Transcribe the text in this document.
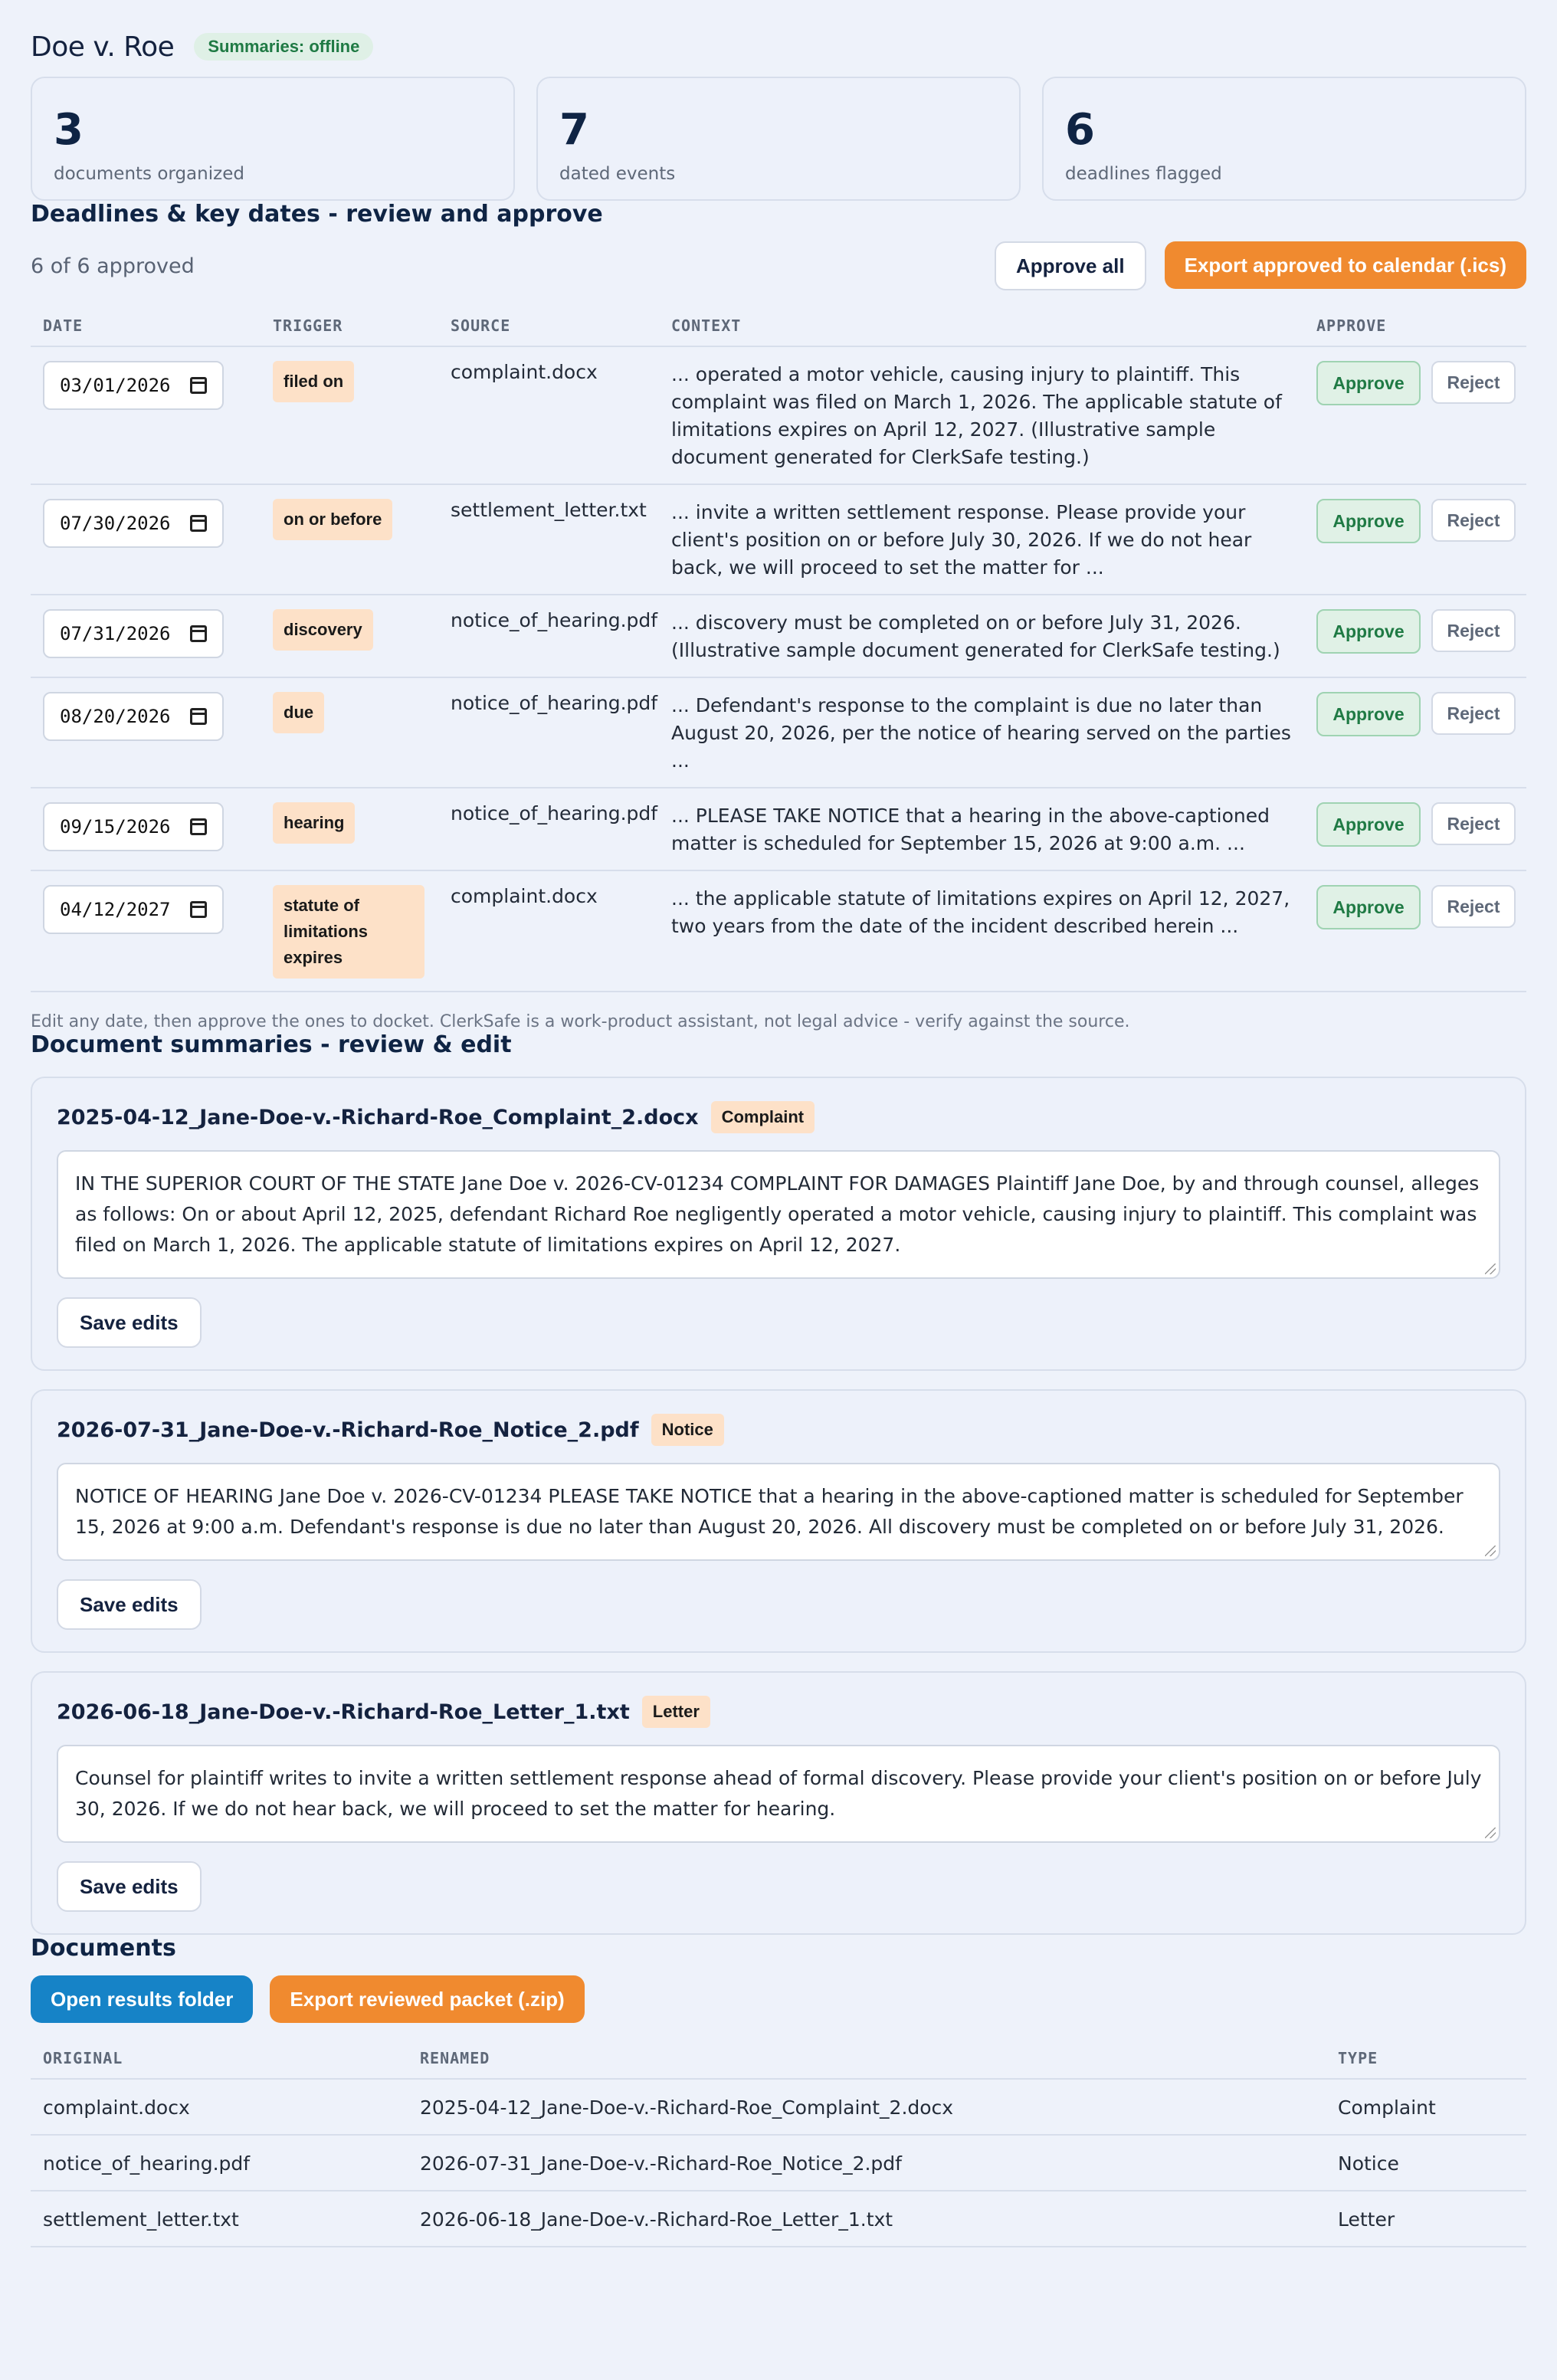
Doe v. Roe	Summaries: offline
3
documents organized
7
dated events
6
deadlines flagged
Deadlines & key dates - review and approve
6 of 6 approved	Approve all	Export approved to calendar (.ics)
DATE	TRIGGER	SOURCE	CONTEXT	APPROVE

03/01/2026	filed on	complaint.docx	... operated a motor vehicle, causing injury to plaintiff. This complaint was filed on March 1, 2026. The applicable statute of limitations expires on April 12, 2027. (Illustrative sample document generated for ClerkSafe testing.)	Approve Reject

07/30/2026	on or before	settlement_letter.txt	... invite a written settlement response. Please provide your client's position on or before July 30, 2026. If we do not hear back, we will proceed to set the matter for ...	Approve Reject

07/31/2026	discovery	notice_of_hearing.pdf	... discovery must be completed on or before July 31, 2026. (Illustrative sample document generated for ClerkSafe testing.)	Approve Reject

08/20/2026	due	notice_of_hearing.pdf	... Defendant's response to the complaint is due no later than August 20, 2026, per the notice of hearing served on the parties ...	Approve Reject

09/15/2026	hearing	notice_of_hearing.pdf	... PLEASE TAKE NOTICE that a hearing in the above-captioned matter is scheduled for September 15, 2026 at 9:00 a.m. ...	Approve Reject

04/12/2027	statute of limitations expires	complaint.docx	... the applicable statute of limitations expires on April 12, 2027, two years from the date of the incident described herein ...	Approve Reject
Edit any date, then approve the ones to docket. ClerkSafe is a work-product assistant, not legal advice - verify against the source.
Document summaries - review & edit
2025-04-12_Jane-Doe-v.-Richard-Roe_Complaint_2.docx	Complaint
IN THE SUPERIOR COURT OF THE STATE Jane Doe v. 2026-CV-01234 COMPLAINT FOR DAMAGES Plaintiff Jane Doe, by and through counsel, alleges as follows: On or about April 12, 2025, defendant Richard Roe negligently operated a motor vehicle, causing injury to plaintiff. This complaint was filed on March 1, 2026. The applicable statute of limitations expires on April 12, 2027.
Save edits
2026-07-31_Jane-Doe-v.-Richard-Roe_Notice_2.pdf	Notice
NOTICE OF HEARING Jane Doe v. 2026-CV-01234 PLEASE TAKE NOTICE that a hearing in the above-captioned matter is scheduled for September 15, 2026 at 9:00 a.m. Defendant's response is due no later than August 20, 2026. All discovery must be completed on or before July 31, 2026.
Save edits
2026-06-18_Jane-Doe-v.-Richard-Roe_Letter_1.txt	Letter
Counsel for plaintiff writes to invite a written settlement response ahead of formal discovery. Please provide your client's position on or before July 30, 2026. If we do not hear back, we will proceed to set the matter for hearing.
Save edits
Documents
Open results folder	Export reviewed packet (.zip)
ORIGINAL	RENAMED	TYPE
complaint.docx	2025-04-12_Jane-Doe-v.-Richard-Roe_Complaint_2.docx	Complaint
notice_of_hearing.pdf	2026-07-31_Jane-Doe-v.-Richard-Roe_Notice_2.pdf	Notice
settlement_letter.txt	2026-06-18_Jane-Doe-v.-Richard-Roe_Letter_1.txt	Letter
